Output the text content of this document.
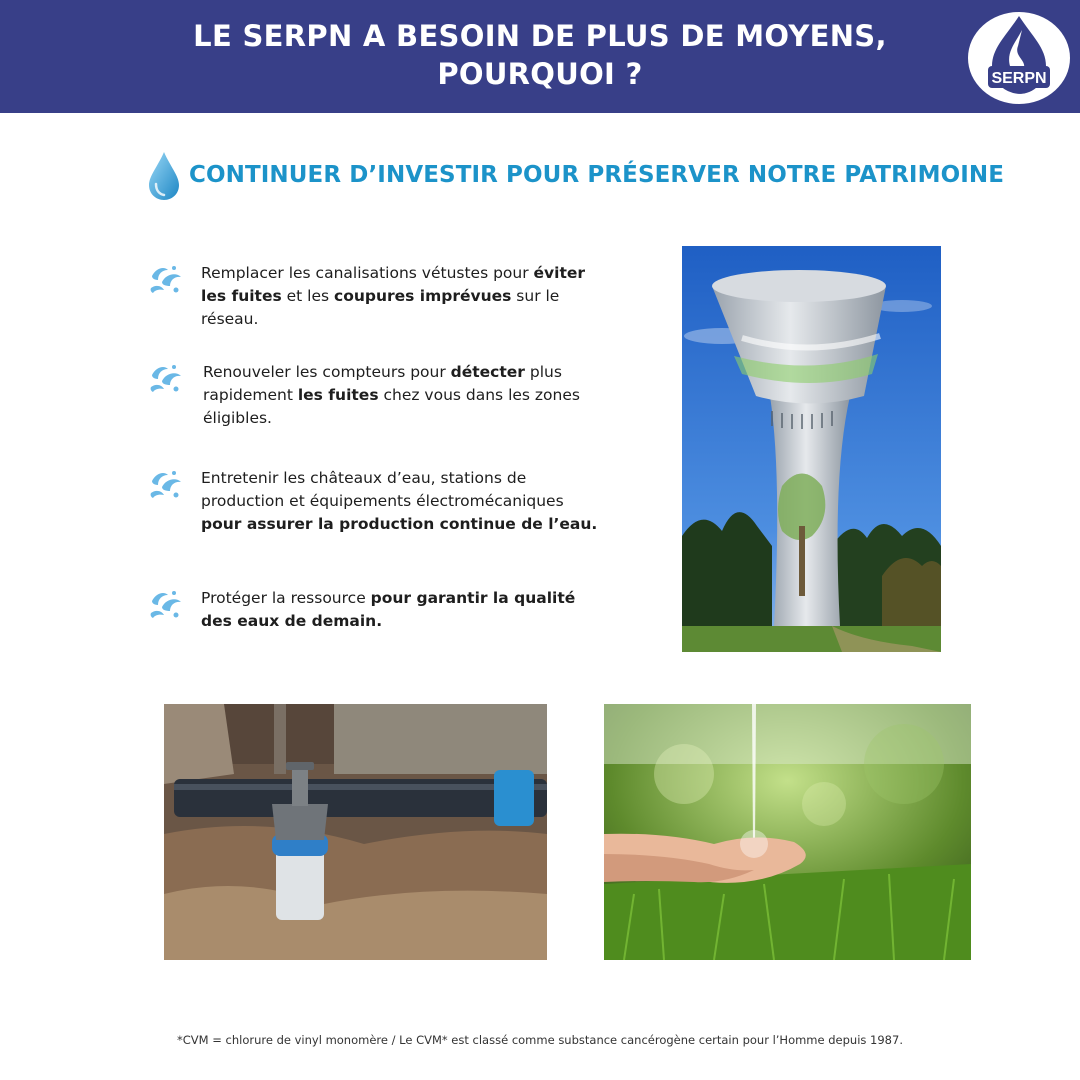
LE SERPN A BESOIN DE PLUS DE MOYENS,
POURQUOI ?	SERPN
CONTINUER D’INVESTIR POUR PRÉSERVER NOTRE PATRIMOINE
Remplacer les canalisations vétustes pour éviter les fuites et les coupures imprévues sur le réseau.
Renouveler les compteurs pour détecter plus rapidement les fuites chez vous dans les zones éligibles.
Entretenir les châteaux d’eau, stations de production et équipements électromécaniques pour assurer la production continue de l’eau.
Protéger la ressource pour garantir la qualité des eaux de demain.
*CVM = chlorure de vinyl monomère / Le CVM* est classé comme substance cancérogène certain pour l’Homme depuis 1987.
